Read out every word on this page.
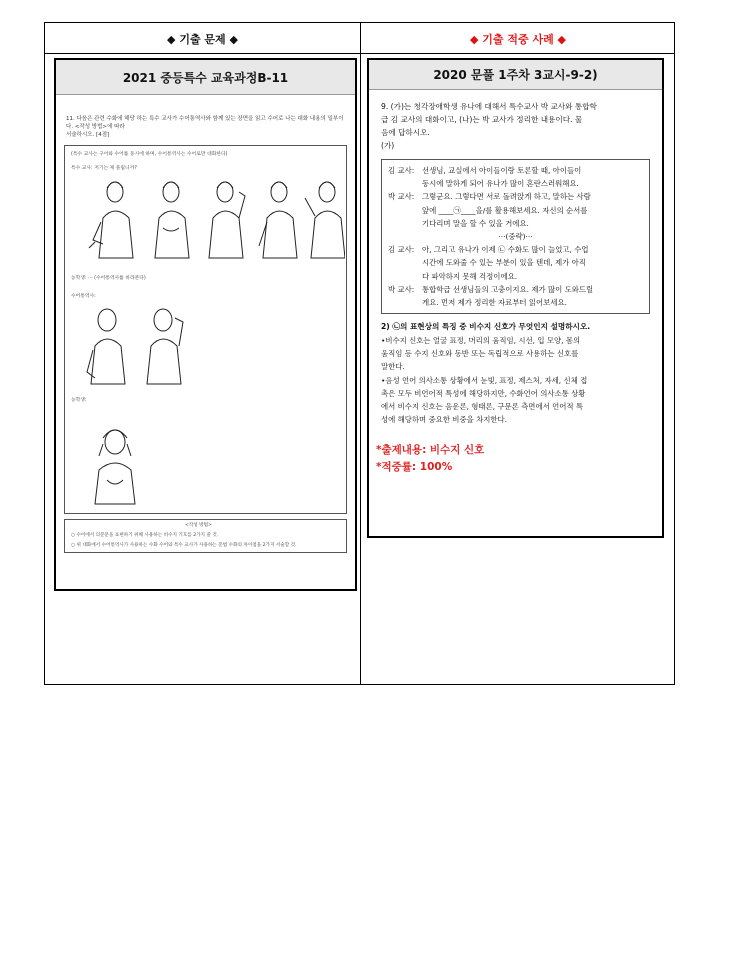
◆ 기출 문제 ◆	◆ 기출 적중 사례 ◆
2021 중등특수 교육과정B-11
11. 다음은 관련 수화에 해당 하는 특수 교사가 수어통역사와 함께 있는 장면을 읽고 수어로 나는 대화 내용의 일부이다. <작성 방법>에 따라
서술하시오. [4점]
(특수 교사는 구어와 수어를 동시에 하며, 수어통역사는 수어로만 대화한다)
특수 교사: 저기는 제 플립니까?
농학생: ··· (수어통역사를 바라본다)
수어통역사:
농학생:
<작성 방법>
○ 수어에서 의문문을 표현하기 위해 사용하는 비수지 기호를 2가지 쓸 것.
○ 위 대화에서 수어통역사가 사용하는 수화 수어와 특수 교사가 사용하는 문법 수화의 차이점을 2가지 서술할 것.
2020 문풀 1주차 3교시-9-2)
9. (가)는 청각장애학생 유나에 대해서 특수교사 박 교사와 통합학
급 김 교사의 대화이고, (나)는 박 교사가 정리한 내용이다. 물
음에 답하시오.
(가)
김 교사:	선생님, 교실에서 아이들이랑 토론할 때, 아이들이
동시에 말하게 되어 유나가 많이 혼란스러워해요.
박 교사:	그렇군요. 그렇다면 서로 돌려앉게 하고, 말하는 사람
앞에 ____㉠____을/를 활용해보세요. 자신의 순서를
기다리며 말을 할 수 있을 거에요.
···(중략)···
김 교사:	아, 그리고 유나가 이제 ㉡ 수화도 많이 늘었고, 수업
시간에 도와줄 수 있는 부분이 있을 텐데, 제가 아직
다 파악하지 못해 걱정이에요.
박 교사:	통합학급 선생님들의 고충이지요. 제가 많이 도와드릴
게요. 먼저 제가 정리한 자료부터 읽어보세요.
2) ㉡의 표현상의 특징 중 비수지 신호가 무엇인지 설명하시오.
•비수지 신호는 얼굴 표정, 머리의 움직임, 시선, 입 모양, 몸의
움직임 등 수지 신호와 동반 또는 독립적으로 사용하는 신호를
말한다.
•음성 언어 의사소통 상황에서 눈빛, 표정, 제스처, 자세, 신체 접
촉은 모두 비언어적 특성에 해당하지만, 수화언어 의사소통 상황
에서 비수지 신호는 음운론, 형태론, 구문론 측면에서 언어적 특
성에 해당하며 중요한 비중을 차지한다.
*출제내용: 비수지 신호
*적중률: 100%
